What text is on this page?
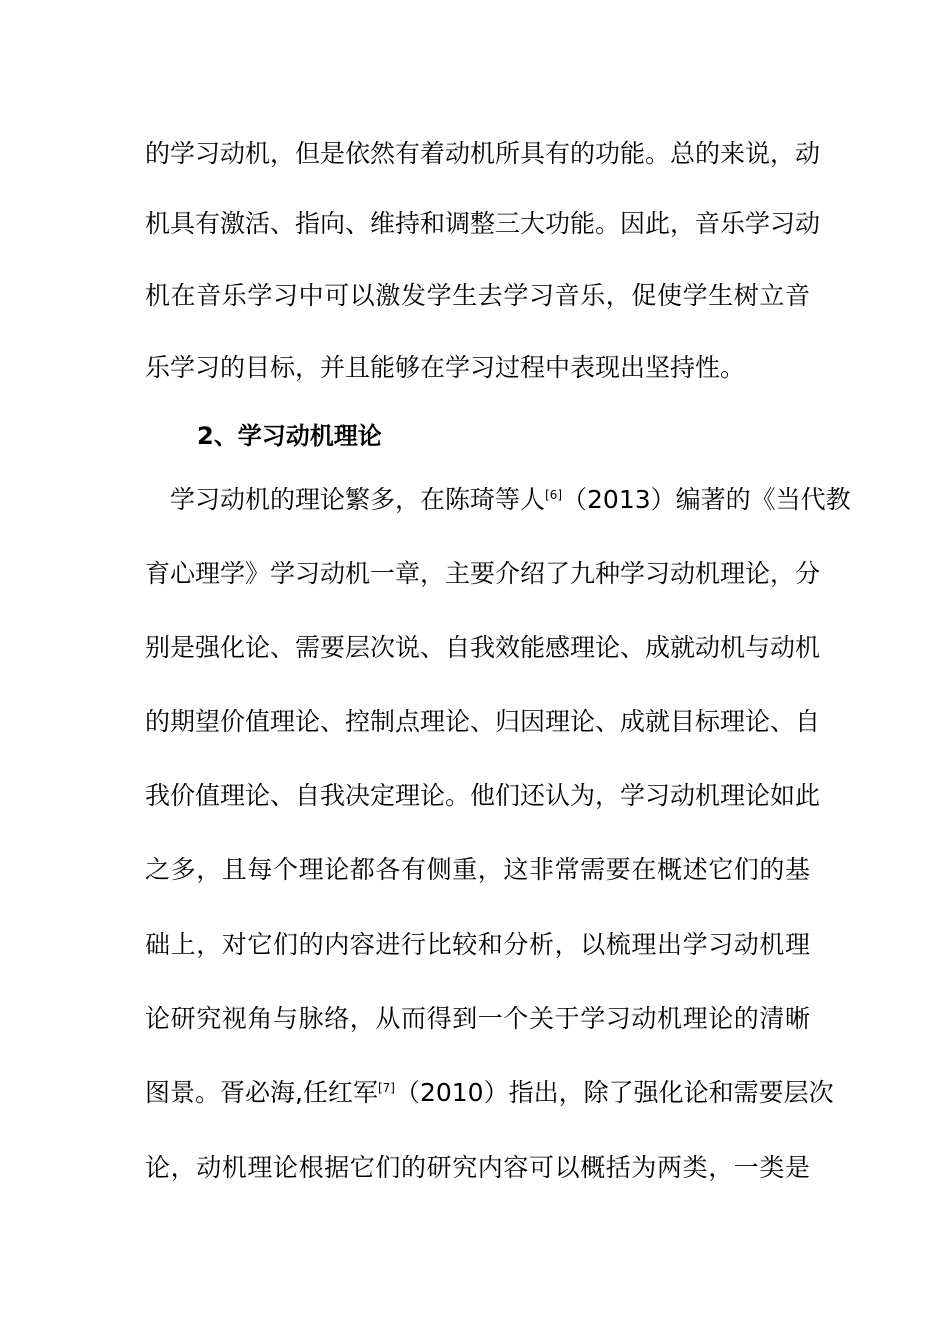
的学习动机，但是依然有着动机所具有的功能。总的来说，动
机具有激活、指向、维持和调整三大功能。因此，音乐学习动
机在音乐学习中可以激发学生去学习音乐，促使学生树立音
乐学习的目标，并且能够在学习过程中表现出坚持性。
2、学习动机理论
学习动机的理论繁多，在陈琦等人[6]（2013）编著的《当代教
育心理学》学习动机一章，主要介绍了九种学习动机理论，分
别是强化论、需要层次说、自我效能感理论、成就动机与动机
的期望价值理论、控制点理论、归因理论、成就目标理论、自
我价值理论、自我决定理论。他们还认为，学习动机理论如此
之多，且每个理论都各有侧重，这非常需要在概述它们的基
础上，对它们的内容进行比较和分析，以梳理出学习动机理
论研究视角与脉络，从而得到一个关于学习动机理论的清晰
图景。胥必海,任红军[7]（2010）指出，除了强化论和需要层次
论，动机理论根据它们的研究内容可以概括为两类，一类是
